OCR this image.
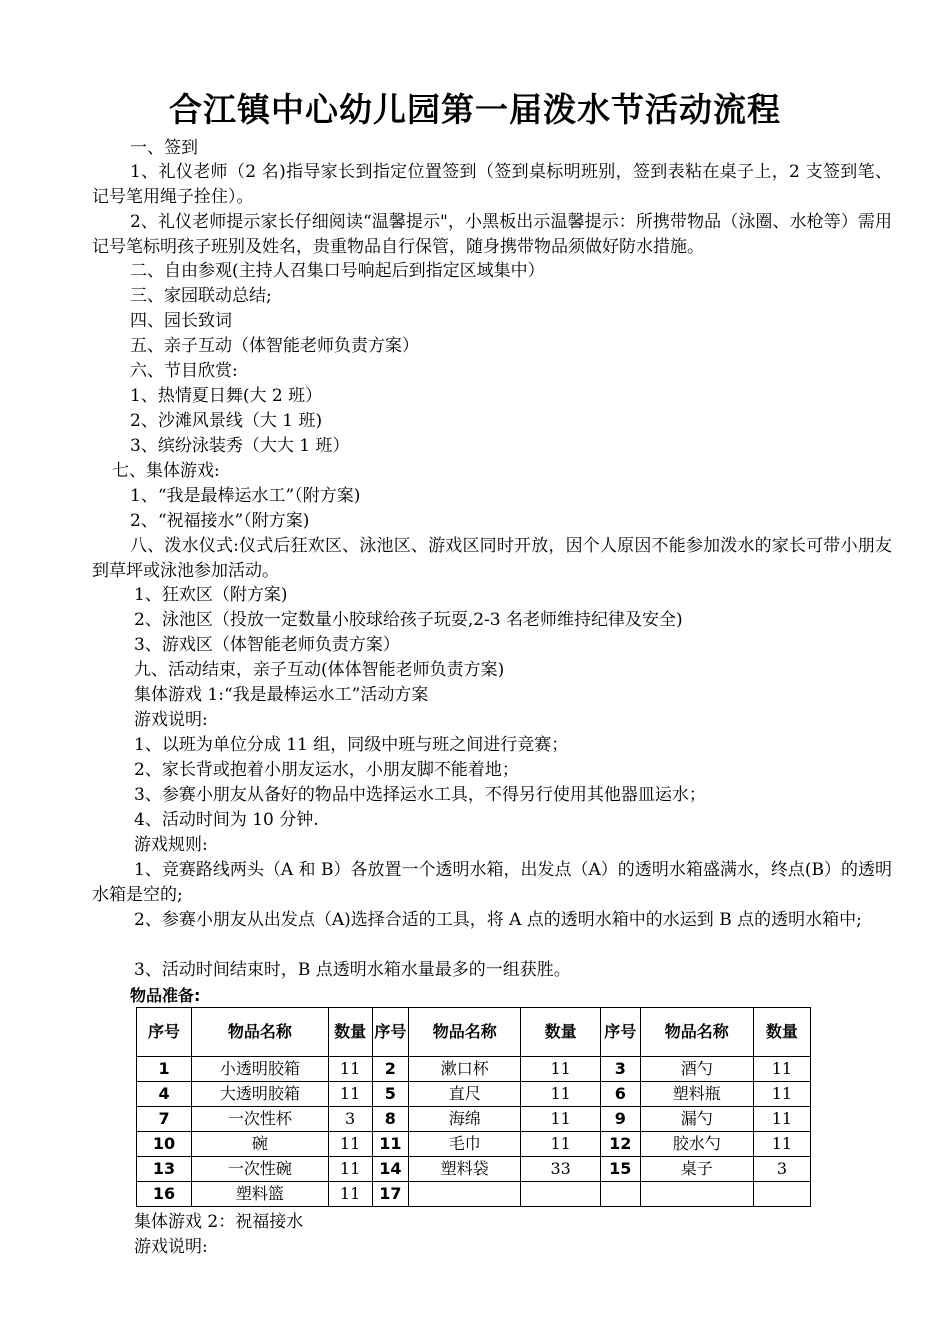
合江镇中心幼儿园第一届泼水节活动流程
一、签到
1、礼仪老师（2 名)指导家长到指定位置签到（签到桌标明班别，签到表粘在桌子上，2 支签到笔、记号笔用绳子拴住）。
2、礼仪老师提示家长仔细阅读“温馨提示"，小黑板出示温馨提示：所携带物品（泳圈、水枪等）需用记号笔标明孩子班别及姓名，贵重物品自行保管，随身携带物品须做好防水措施。
二、自由参观(主持人召集口号响起后到指定区域集中）
三、家园联动总结;
四、园长致词
五、亲子互动（体智能老师负责方案）
六、节目欣赏:
1、热情夏日舞(大 2 班）
2、沙滩风景线（大 1 班)
3、缤纷泳装秀（大大 1 班）
七、集体游戏:
1、“我是最棒运水工”（附方案)
2、“祝福接水”（附方案)
八、泼水仪式:仪式后狂欢区、泳池区、游戏区同时开放，因个人原因不能参加泼水的家长可带小朋友到草坪或泳池参加活动。
1、狂欢区（附方案)
2、泳池区（投放一定数量小胶球给孩子玩耍,2-3 名老师维持纪律及安全)
3、游戏区（体智能老师负责方案）
九、活动结束，亲子互动(体体智能老师负责方案)
集体游戏 1:“我是最棒运水工”活动方案
游戏说明:
1、以班为单位分成 11 组，同级中班与班之间进行竞赛；
2、家长背或抱着小朋友运水，小朋友脚不能着地；
3、参赛小朋友从备好的物品中选择运水工具，不得另行使用其他器皿运水；
4、活动时间为 10 分钟.
游戏规则:
1、竞赛路线两头（A 和 B）各放置一个透明水箱，出发点（A）的透明水箱盛满水，终点(B）的透明水箱是空的;
2、参赛小朋友从出发点（A)选择合适的工具，将 A 点的透明水箱中的水运到 B 点的透明水箱中;
3、活动时间结束时，B 点透明水箱水量最多的一组获胜。
物品准备:
序号	物品名称	数量	序号	物品名称	数量	序号	物品名称	数量
1	小透明胶箱	11	2	漱口杯	11	3	酒勺	11
4	大透明胶箱	11	5	直尺	11	6	塑料瓶	11
7	一次性杯	3	8	海绵	11	9	漏勺	11
10	碗	11	11	毛巾	11	12	胶水勺	11
13	一次性碗	11	14	塑料袋	33	15	桌子	3
16	塑料篮	11	17					
集体游戏 2：祝福接水
游戏说明:
